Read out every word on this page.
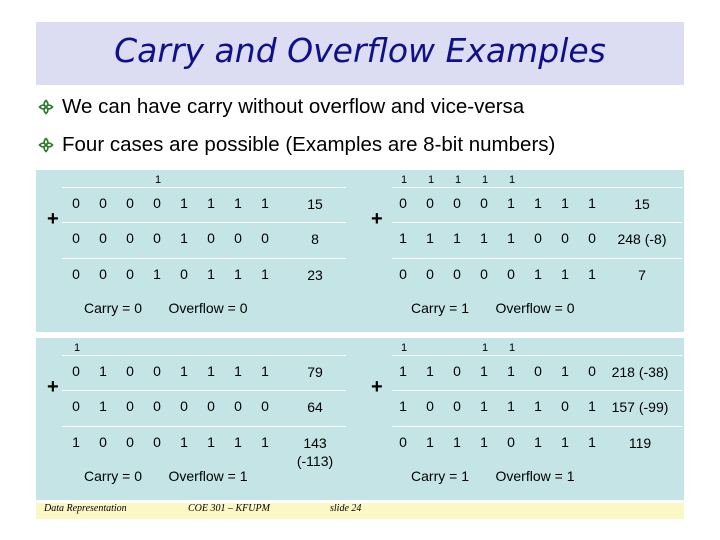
Carry and Overflow Examples
We can have carry without overflow and vice-versa
Four cases are possible (Examples are 8-bit numbers)
+
1
0 0 0 0 1 1 1 1	15
0 0 0 0 1 0 0 0	8
0 0 0 1 0 1 1 1	23
Carry = 0	Overflow = 0
+
1 1 1 1 1
0 0 0 0 1 1 1 1	15
1 1 1 1 1 0 0 0	248 (-8)
0 0 0 0 0 1 1 1	7
Carry = 1	Overflow = 0
+
1
0 1 0 0 1 1 1 1	79
0 1 0 0 0 0 0 0	64
1 0 0 0 1 1 1 1	143
(-113)
Carry = 0	Overflow = 1
+
1	1 1
1 1 0 1 1 0 1 0	218 (-38)
1 0 0 1 1 1 0 1	157 (-99)
0 1 1 1 0 1 1 1	119
Carry = 1	Overflow = 1
Data Representation	COE 301 – KFUPM	slide 24
